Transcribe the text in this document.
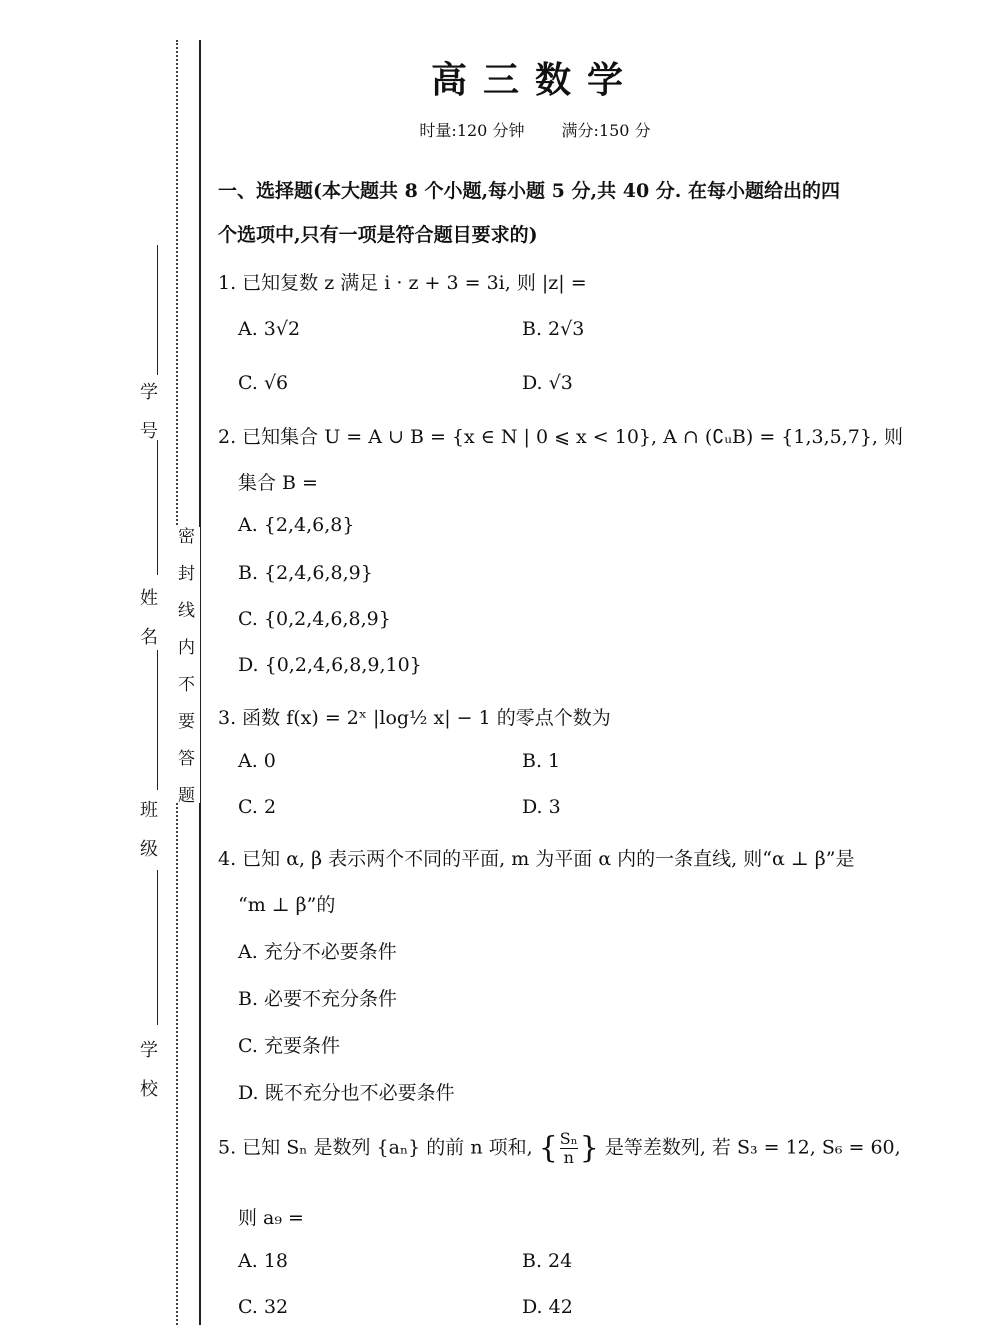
学 号
姓 名
班 级
学 校
密 封 线 内 不 要 答 题
高三数学
时量:120 分钟 满分:150 分
一、选择题(本大题共 8 个小题,每小题 5 分,共 40 分. 在每小题给出的四
个选项中,只有一项是符合题目要求的)
1. 已知复数 z 满足 i · z + 3 = 3i, 则 |z| =
A. 3√2	B. 2√3
C. √6	D. √3
2. 已知集合 U = A ∪ B = {x ∈ N | 0 ⩽ x < 10}, A ∩ (∁ᵤB) = {1,3,5,7}, 则
集合 B =
A. {2,4,6,8}
B. {2,4,6,8,9}
C. {0,2,4,6,8,9}
D. {0,2,4,6,8,9,10}
3. 函数 f(x) = 2ˣ |log½ x| − 1 的零点个数为
A. 0	B. 1
C. 2	D. 3
4. 已知 α, β 表示两个不同的平面, m 为平面 α 内的一条直线, 则“α ⊥ β”是
“m ⊥ β”的
A. 充分不必要条件
B. 必要不充分条件
C. 充要条件
D. 既不充分也不必要条件
5. 已知 Sₙ 是数列 {aₙ} 的前 n 项和, { $\frac{\text{Sₙ}}{n}$ } 是等差数列, 若 S₃ = 12, S₆ = 60,
则 a₉ =
A. 18	B. 24
C. 32	D. 42
